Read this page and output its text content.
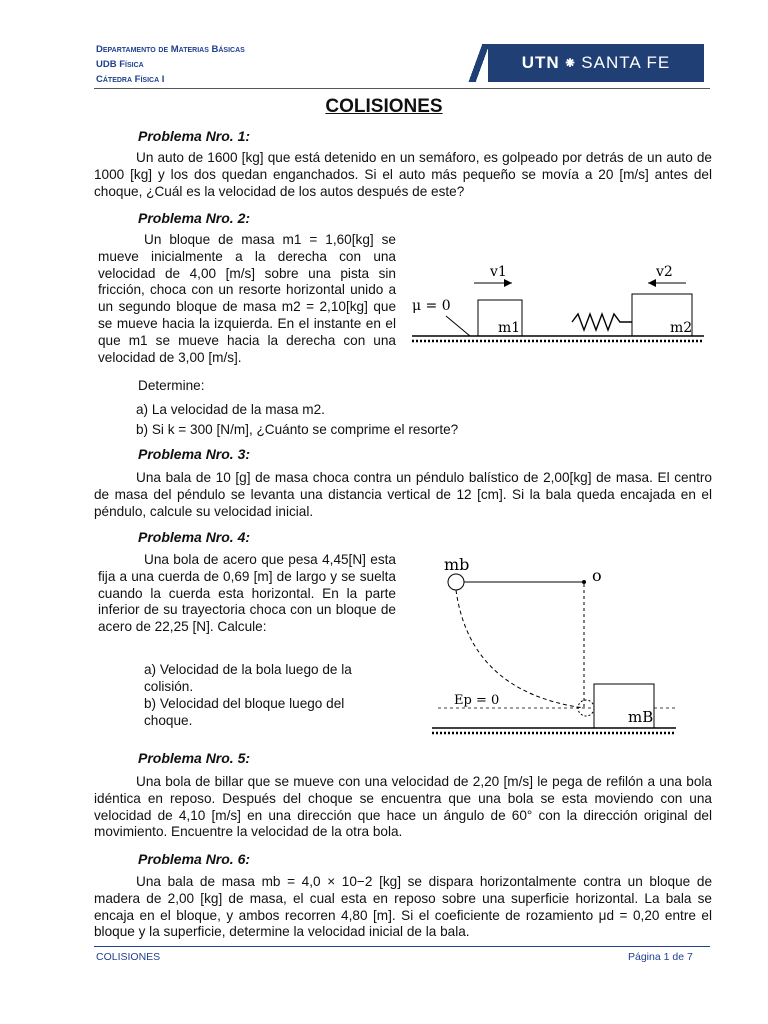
Departamento de Materias Básicas
UDB Física
Cátedra Física I
UTN ⁕ SANTA FE
COLISIONES
Problema Nro. 1:
Un auto de 1600 [kg] que está detenido en un semáforo, es golpeado por detrás de un auto de 1000 [kg] y los dos quedan enganchados. Si el auto más pequeño se movía a 20 [m/s] antes del choque, ¿Cuál es la velocidad de los autos después de este?
Problema Nro. 2:
Un bloque de masa m1 = 1,60[kg] se mueve inicialmente a la derecha con una velocidad de 4,00 [m/s] sobre una pista sin fricción, choca con un resorte horizontal unido a un segundo bloque de masa m2 = 2,10[kg] que se mueve hacia la izquierda. En el instante en el que m1 se mueve hacia la derecha con una velocidad de 3,00 [m/s].
Determine:
a) La velocidad de la masa m2.
b) Si k = 300 [N/m], ¿Cuánto se comprime el resorte?
v1	v2
μ = 0
m1	m2
Problema Nro. 3:
Una bala de 10 [g] de masa choca contra un péndulo balístico de 2,00[kg] de masa. El centro de masa del péndulo se levanta una distancia vertical de 12 [cm]. Si la bala queda encajada en el péndulo, calcule su velocidad inicial.
Problema Nro. 4:
Una bola de acero que pesa 4,45[N] esta fija a una cuerda de 0,69 [m] de largo y se suelta cuando la cuerda esta horizontal. En la parte inferior de su trayectoria choca con un bloque de acero de 22,25 [N]. Calcule:
a) Velocidad de la bola luego de la colisión.
b) Velocidad del bloque luego del choque.
mb
o
Ep = 0
mB
Problema Nro. 5:
Una bola de billar que se mueve con una velocidad de 2,20 [m/s] le pega de refilón a una bola idéntica en reposo. Después del choque se encuentra que una bola se esta moviendo con una velocidad de 4,10 [m/s] en una dirección que hace un ángulo de 60° con la dirección original del movimiento. Encuentre la velocidad de la otra bola.
Problema Nro. 6:
Una bala de masa mb = 4,0 × 10−2 [kg] se dispara horizontalmente contra un bloque de madera de 2,00 [kg] de masa, el cual esta en reposo sobre una superficie horizontal. La bala se encaja en el bloque, y ambos recorren 4,80 [m]. Si el coeficiente de rozamiento μd = 0,20 entre el bloque y la superficie, determine la velocidad inicial de la bala.
COLISIONES	Página 1 de 7
